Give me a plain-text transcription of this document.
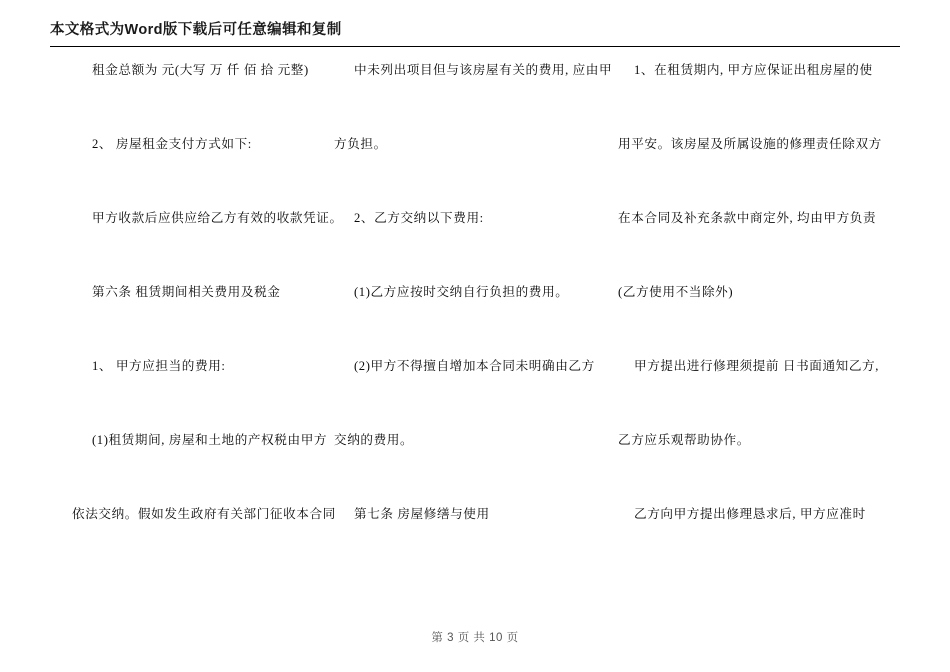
本文格式为Word版下载后可任意编辑和复制
租金总额为 元(大写 万 仟 佰 拾 元整)
2、 房屋租金支付方式如下:
甲方收款后应供应给乙方有效的收款凭证。
第六条 租赁期间相关费用及税金
1、 甲方应担当的费用:
(1)租赁期间, 房屋和土地的产权税由甲方
依法交纳。假如发生政府有关部门征收本合同
中未列出项目但与该房屋有关的费用, 应由甲
方负担。
2、乙方交纳以下费用:
(1)乙方应按时交纳自行负担的费用。
(2)甲方不得擅自增加本合同未明确由乙方
交纳的费用。
第七条 房屋修缮与使用
1、在租赁期内, 甲方应保证出租房屋的使
用平安。该房屋及所属设施的修理责任除双方
在本合同及补充条款中商定外, 均由甲方负责
(乙方使用不当除外)
甲方提出进行修理须提前 日书面通知乙方,
乙方应乐观帮助协作。
乙方向甲方提出修理恳求后, 甲方应准时
第 3 页 共 10 页
